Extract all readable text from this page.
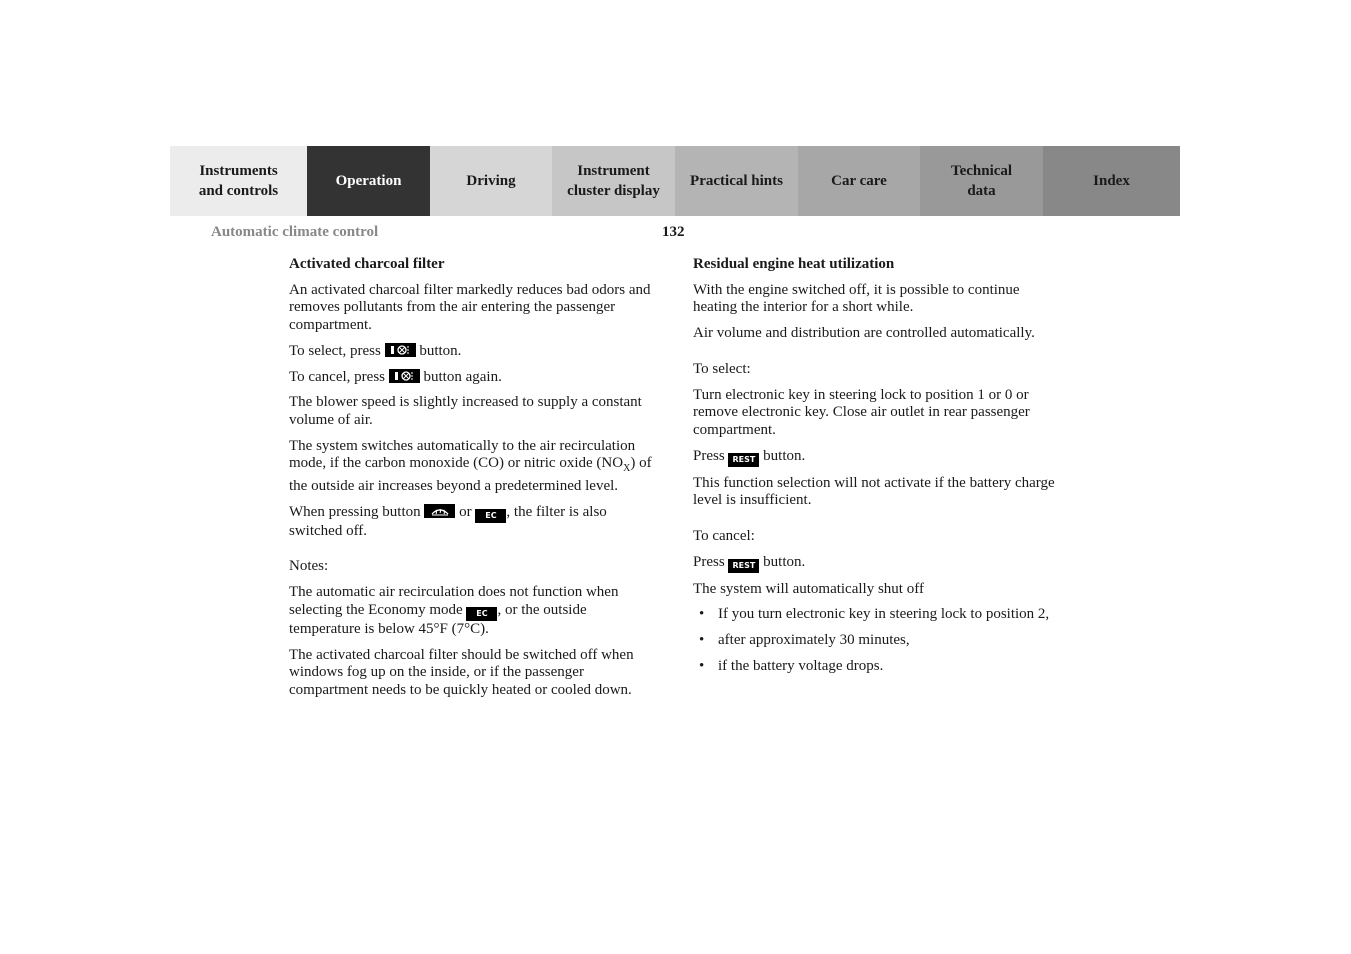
Instruments
and controls
Operation	Driving
Instrument
cluster display
Practical hints	Car care
Technical
data
Index
Automatic climate control	132
Activated charcoal filter

An activated charcoal filter markedly reduces bad odors and removes pollutants from the air entering the passenger compartment.

To select, press	button.

To cancel, press	button again.

The blower speed is slightly increased to supply a constant volume of air.

The system switches automatically to the air recirculation mode, if the carbon monoxide (CO) or nitric oxide $(NO_X)$ of the outside air increases beyond a predetermined level.

When pressing button	or EC , the filter is also switched off.

Notes:

The automatic air recirculation does not function when selecting the Economy mode EC , or the outside temperature is below 45°F (7°C).

The activated charcoal filter should be switched off when windows fog up on the inside, or if the passenger compartment needs to be quickly heated or cooled down.

Residual engine heat utilization

With the engine switched off, it is possible to continue heating the interior for a short while.

Air volume and distribution are controlled automatically.

To select:

Turn electronic key in steering lock to position 1 or 0 or remove electronic key. Close air outlet in rear passenger compartment.

Press REST button.

This function selection will not activate if the battery charge level is insufficient.

To cancel:

Press REST button.

The system will automatically shut off

• If you turn electronic key in steering lock to position 2,
• after approximately 30 minutes,
• if the battery voltage drops.
